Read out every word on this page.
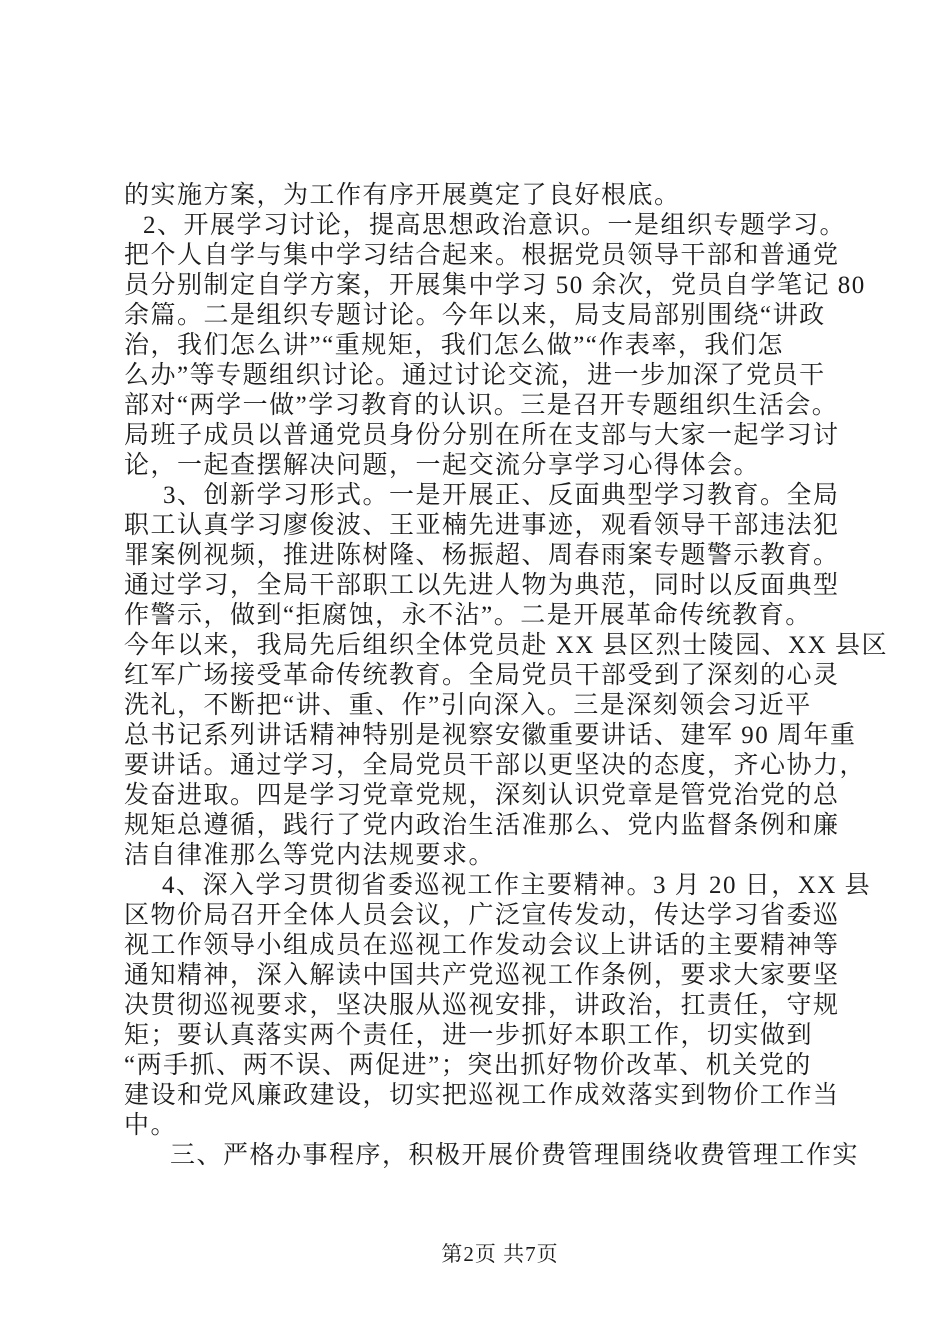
的实施方案，为工作有序开展奠定了良好根底。
2、开展学习讨论，提高思想政治意识。一是组织专题学习。
把个人自学与集中学习结合起来。根据党员领导干部和普通党
员分别制定自学方案，开展集中学习 50 余次，党员自学笔记 80
余篇。二是组织专题讨论。今年以来，局支局部别围绕“讲政
治，我们怎么讲”“重规矩，我们怎么做”“作表率，我们怎
么办”等专题组织讨论。通过讨论交流，进一步加深了党员干
部对“两学一做”学习教育的认识。三是召开专题组织生活会。
局班子成员以普通党员身份分别在所在支部与大家一起学习讨
论，一起查摆解决问题，一起交流分享学习心得体会。
3、创新学习形式。一是开展正、反面典型学习教育。全局
职工认真学习廖俊波、王亚楠先进事迹，观看领导干部违法犯
罪案例视频，推进陈树隆、杨振超、周春雨案专题警示教育。
通过学习，全局干部职工以先进人物为典范，同时以反面典型
作警示，做到“拒腐蚀，永不沾”。二是开展革命传统教育。
今年以来，我局先后组织全体党员赴 XX 县区烈士陵园、XX 县区
红军广场接受革命传统教育。全局党员干部受到了深刻的心灵
洗礼，不断把“讲、重、作”引向深入。三是深刻领会习近平
总书记系列讲话精神特别是视察安徽重要讲话、建军 90 周年重
要讲话。通过学习，全局党员干部以更坚决的态度，齐心协力，
发奋进取。四是学习党章党规，深刻认识党章是管党治党的总
规矩总遵循，践行了党内政治生活准那么、党内监督条例和廉
洁自律准那么等党内法规要求。
4、深入学习贯彻省委巡视工作主要精神。3 月 20 日，XX 县
区物价局召开全体人员会议，广泛宣传发动，传达学习省委巡
视工作领导小组成员在巡视工作发动会议上讲话的主要精神等
通知精神，深入解读中国共产党巡视工作条例，要求大家要坚
决贯彻巡视要求，坚决服从巡视安排，讲政治，扛责任，守规
矩；要认真落实两个责任，进一步抓好本职工作，切实做到
“两手抓、两不误、两促进”；突出抓好物价改革、机关党的
建设和党风廉政建设，切实把巡视工作成效落实到物价工作当
中。
三、严格办事程序，积极开展价费管理围绕收费管理工作实
第2页 共7页
